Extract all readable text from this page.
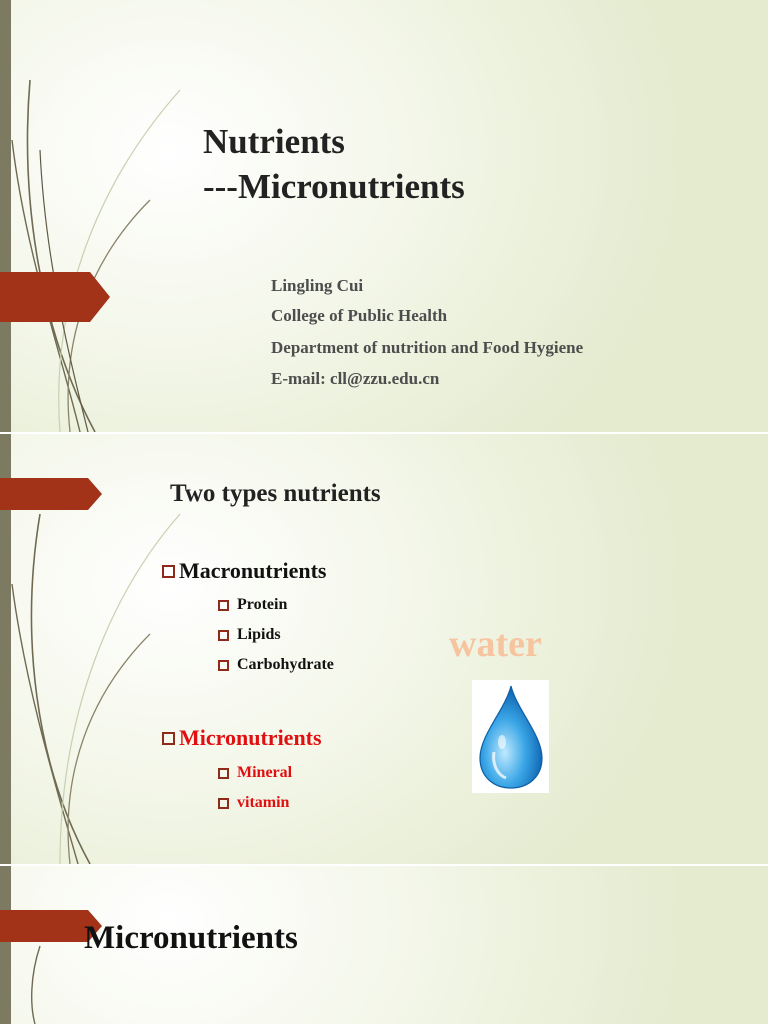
Nutrients
---Micronutrients
Lingling Cui
College of Public Health
Department of nutrition and Food Hygiene
E-mail: cll@zzu.edu.cn
Two types nutrients
Macronutrients
Protein
Lipids
Carbohydrate
Micronutrients
Mineral
vitamin
water
Micronutrients
